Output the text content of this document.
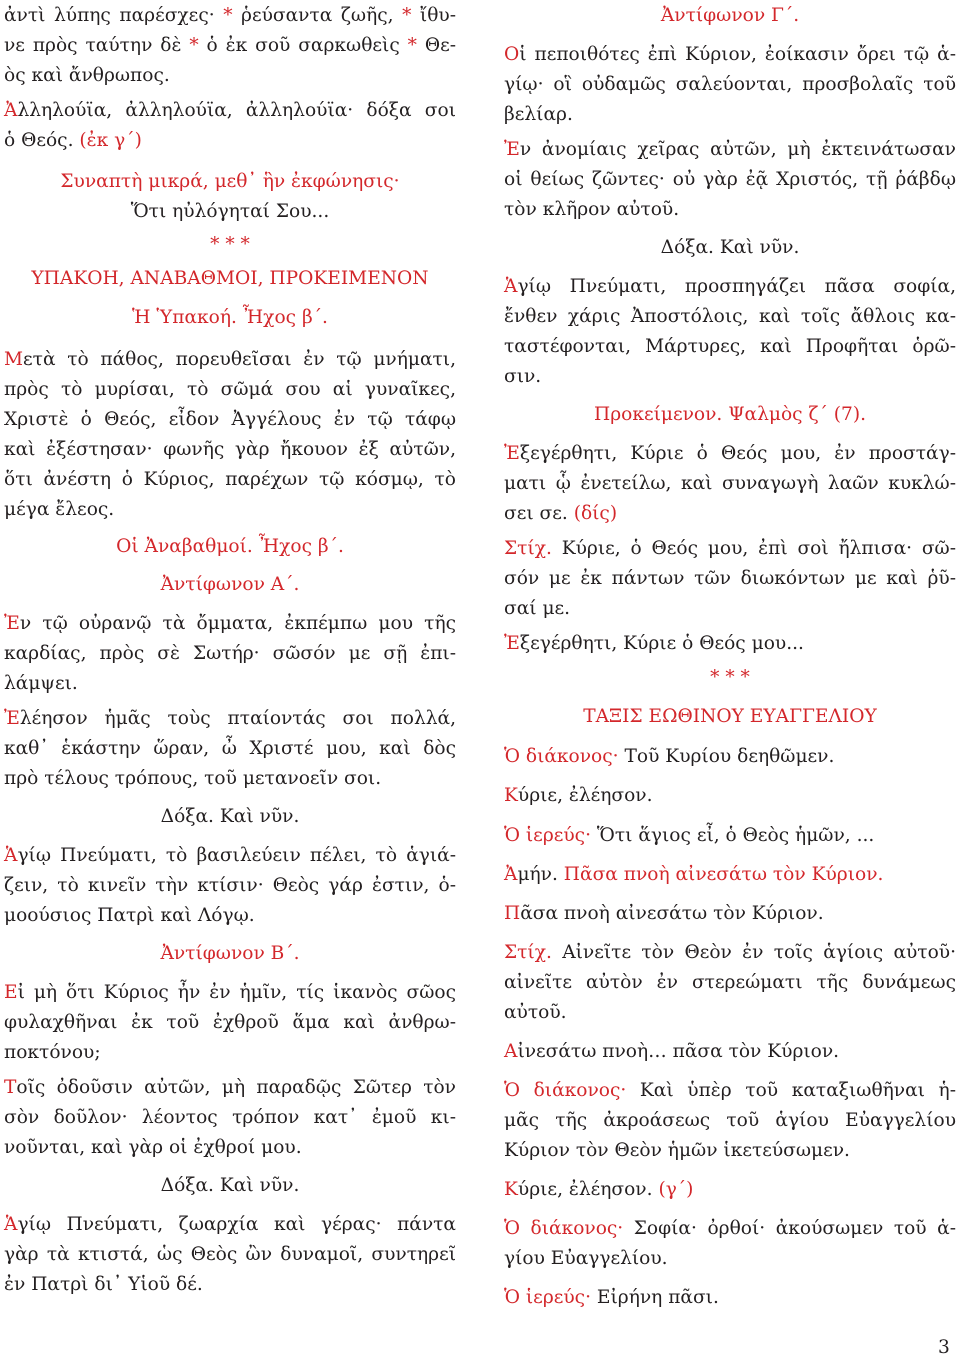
ἀντὶ λύπης παρέσχες· * ῥεύσαντα ζωῆς, * ἴθυ-
νε πρὸς ταύτην δὲ * ὁ ἐκ σοῦ σαρκωθεὶς * Θε-
ὸς καὶ ἄνθρωπος.
Ἀλληλούϊα, ἀλληλούϊα, ἀλληλούϊα· δόξα σοι
ὁ Θεός. (ἐκ γ´)
Συναπτὴ μικρά, μεθ᾽ ἣν ἐκφώνησις·
Ὅτι ηὐλόγηταί Σου...
* * *
ΥΠΑΚΟΗ, ΑΝΑΒΑΘΜΟΙ, ΠΡΟΚΕΙΜΕΝΟΝ
Ἡ Ὑπακοή. Ἦχος β´.
Μετὰ τὸ πάθος, πορευθεῖσαι ἐν τῷ μνήματι,
πρὸς τὸ μυρίσαι, τὸ σῶμά σου αἱ γυναῖκες,
Χριστὲ ὁ Θεός, εἶδον Ἀγγέλους ἐν τῷ τάφῳ
καὶ ἐξέστησαν· φωνῆς γὰρ ἤκουον ἐξ αὐτῶν,
ὅτι ἀνέστη ὁ Κύριος, παρέχων τῷ κόσμῳ, τὸ
μέγα ἔλεος.
Οἱ Ἀναβαθμοί. Ἦχος β´.
Ἀντίφωνον Α´.
Ἐν τῷ οὐρανῷ τὰ ὄμματα, ἐκπέμπω μου τῆς
καρδίας, πρὸς σὲ Σωτήρ· σῶσόν με σῇ ἐπι-
λάμψει.
Ἐλέησον ἡμᾶς τοὺς πταίοντάς σοι πολλά,
καθ᾽ ἑκάστην ὥραν, ὦ Χριστέ μου, καὶ δὸς
πρὸ τέλους τρόπους, τοῦ μετανοεῖν σοι.
Δόξα. Καὶ νῦν.
Ἁγίῳ Πνεύματι, τὸ βασιλεύειν πέλει, τὸ ἁγιά-
ζειν, τὸ κινεῖν τὴν κτίσιν· Θεὸς γάρ ἐστιν, ὁ-
μοούσιος Πατρὶ καὶ Λόγῳ.
Ἀντίφωνον Β´.
Εἰ μὴ ὅτι Κύριος ἦν ἐν ἡμῖν, τίς ἱκανὸς σῶος
φυλαχθῆναι ἐκ τοῦ ἐχθροῦ ἅμα καὶ ἀνθρω-
ποκτόνου;
Τοῖς ὀδοῦσιν αὐτῶν, μὴ παραδῷς Σῶτερ τὸν
σὸν δοῦλον· λέοντος τρόπον κατ᾽ ἐμοῦ κι-
νοῦνται, καὶ γὰρ οἱ ἐχθροί μου.
Δόξα. Καὶ νῦν.
Ἁγίῳ Πνεύματι, ζωαρχία καὶ γέρας· πάντα
γὰρ τὰ κτιστά, ὡς Θεὸς ὢν δυναμοῖ, συντηρεῖ
ἐν Πατρὶ δι᾽ Υἱοῦ δέ.
Ἀντίφωνον Γ´.
Οἱ πεποιθότες ἐπὶ Κύριον, ἐοίκασιν ὄρει τῷ ἁ-
γίῳ· οἳ οὐδαμῶς σαλεύονται, προσβολαῖς τοῦ
βελίαρ.
Ἐν ἀνομίαις χεῖρας αὐτῶν, μὴ ἐκτεινάτωσαν
οἱ θείως ζῶντες· οὐ γὰρ ἐᾷ Χριστός, τῇ ῥάβδῳ
τὸν κλῆρον αὐτοῦ.
Δόξα. Καὶ νῦν.
Ἁγίῳ Πνεύματι, προσπηγάζει πᾶσα σοφία,
ἔνθεν χάρις Ἀποστόλοις, καὶ τοῖς ἄθλοις κα-
ταστέφονται, Μάρτυρες, καὶ Προφῆται ὁρῶ-
σιν.
Προκείμενον. Ψαλμὸς ζ´ (7).
Ἐξεγέρθητι, Κύριε ὁ Θεός μου, ἐν προστάγ-
ματι ᾧ ἐνετείλω, καὶ συναγωγὴ λαῶν κυκλώ-
σει σε. (δίς)
Στίχ. Κύριε, ὁ Θεός μου, ἐπὶ σοὶ ἤλπισα· σῶ-
σόν με ἐκ πάντων τῶν διωκόντων με καὶ ῥῦ-
σαί με.
Ἐξεγέρθητι, Κύριε ὁ Θεός μου...
* * *
ΤΑΞΙΣ ΕΩΘΙΝΟΥ ΕΥΑΓΓΕΛΙΟΥ
Ὁ διάκονος· Τοῦ Κυρίου δεηθῶμεν.
Κύριε, ἐλέησον.
Ὁ ἱερεύς· Ὅτι ἅγιος εἶ, ὁ Θεὸς ἡμῶν, ...
Ἀμήν. Πᾶσα πνοὴ αἰνεσάτω τὸν Κύριον.
Πᾶσα πνοὴ αἰνεσάτω τὸν Κύριον.
Στίχ. Αἰνεῖτε τὸν Θεὸν ἐν τοῖς ἁγίοις αὐτοῦ·
αἰνεῖτε αὐτὸν ἐν στερεώματι τῆς δυνάμεως
αὐτοῦ.
Αἰνεσάτω πνοὴ… πᾶσα τὸν Κύριον.
Ὁ διάκονος· Καὶ ὑπὲρ τοῦ καταξιωθῆναι ἡ-
μᾶς τῆς ἀκροάσεως τοῦ ἁγίου Εὐαγγελίου
Κύριον τὸν Θεὸν ἡμῶν ἱκετεύσωμεν.
Κύριε, ἐλέησον. (γ´)
Ὁ διάκονος· Σοφία· ὀρθοί· ἀκούσωμεν τοῦ ἁ-
γίου Εὐαγγελίου.
Ὁ ἱερεύς· Εἰρήνη πᾶσι.
3
